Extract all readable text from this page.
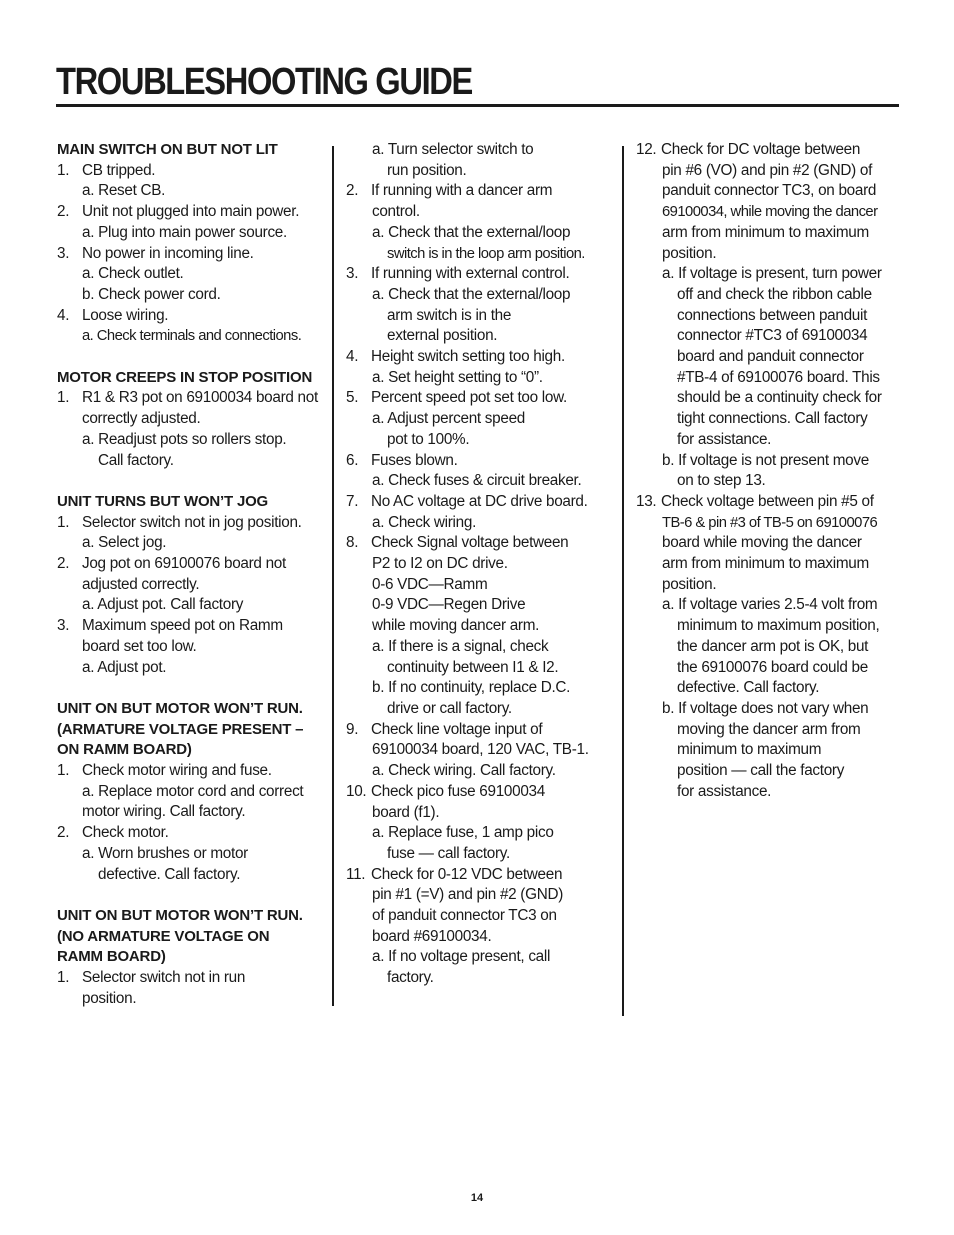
TROUBLESHOOTING GUIDE
MAIN SWITCH ON BUT NOT LIT
1. CB tripped.
a. Reset CB.
2. Unit not plugged into main power.
a. Plug into main power source.
3. No power in incoming line.
a. Check outlet.
b. Check power cord.
4. Loose wiring.
a. Check terminals and connections.
MOTOR CREEPS IN STOP POSITION
1. R1 & R3 pot on 69100034 board not
correctly adjusted.
a. Readjust pots so rollers stop.
Call factory.
UNIT TURNS BUT WON’T JOG
1. Selector switch not in jog position.
a. Select jog.
2. Jog pot on 69100076 board not
adjusted correctly.
a. Adjust pot. Call factory
3. Maximum speed pot on Ramm
board set too low.
a. Adjust pot.
UNIT ON BUT MOTOR WON’T RUN.
(ARMATURE VOLTAGE PRESENT –
ON RAMM BOARD)
1. Check motor wiring and fuse.
a. Replace motor cord and correct
motor wiring. Call factory.
2. Check motor.
a. Worn brushes or motor
defective. Call factory.
UNIT ON BUT MOTOR WON’T RUN.
(NO ARMATURE VOLTAGE ON
RAMM BOARD)
1. Selector switch not in run
position.
a. Turn selector switch to
run position.
2. If running with a dancer arm
control.
a. Check that the external/loop
switch is in the loop arm position.
3. If running with external control.
a. Check that the external/loop
arm switch is in the
external position.
4. Height switch setting too high.
a. Set height setting to “0”.
5. Percent speed pot set too low.
a. Adjust percent speed
pot to 100%.
6. Fuses blown.
a. Check fuses & circuit breaker.
7. No AC voltage at DC drive board.
a. Check wiring.
8. Check Signal voltage between
P2 to I2 on DC drive.
0-6 VDC—Ramm
0-9 VDC—Regen Drive
while moving dancer arm.
a. If there is a signal, check
continuity between I1 & I2.
b. If no continuity, replace D.C.
drive or call factory.
9. Check line voltage input of
69100034 board, 120 VAC, TB-1.
a. Check wiring. Call factory.
10. Check pico fuse 69100034
board (f1).
a. Replace fuse, 1 amp pico
fuse — call factory.
11. Check for 0-12 VDC between
pin #1 (=V) and pin #2 (GND)
of panduit connector TC3 on
board #69100034.
a. If no voltage present, call
factory.
12. Check for DC voltage between
pin #6 (VO) and pin #2 (GND) of
panduit connector TC3, on board
69100034, while moving the dancer
arm from minimum to maximum
position.
a. If voltage is present, turn power
off and check the ribbon cable
connections between panduit
connector #TC3 of 69100034
board and panduit connector
#TB-4 of 69100076 board. This
should be a continuity check for
tight connections. Call factory
for assistance.
b. If voltage is not present move
on to step 13.
13. Check voltage between pin #5 of
TB-6 & pin #3 of TB-5 on 69100076
board while moving the dancer
arm from minimum to maximum
position.
a. If voltage varies 2.5-4 volt from
minimum to maximum position,
the dancer arm pot is OK, but
the 69100076 board could be
defective. Call factory.
b. If voltage does not vary when
moving the dancer arm from
minimum to maximum
position — call the factory
for assistance.
14
